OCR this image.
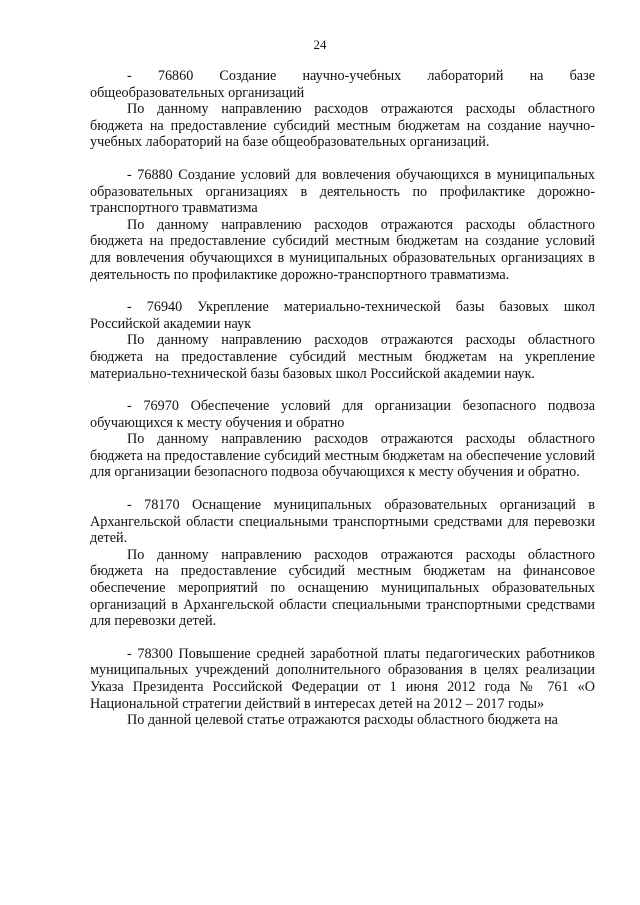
24

- 76860 Создание научно-учебных лабораторий на базе общеобразовательных организаций

По данному направлению расходов отражаются расходы областного бюджета на предоставление субсидий местным бюджетам на создание научно-учебных лабораторий на базе общеобразовательных организаций.

- 76880 Создание условий для вовлечения обучающихся в муниципальных образовательных организациях в деятельность по профилактике дорожно-транспортного травматизма

По данному направлению расходов отражаются расходы областного бюджета на предоставление субсидий местным бюджетам на создание условий для вовлечения обучающихся в муниципальных образовательных организациях в деятельность по профилактике дорожно-транспортного травматизма.

- 76940 Укрепление материально-технической базы базовых школ Российской академии наук

По данному направлению расходов отражаются расходы областного бюджета на предоставление субсидий местным бюджетам на укрепление материально-технической базы базовых школ Российской академии наук.

- 76970 Обеспечение условий для организации безопасного подвоза обучающихся к месту обучения и обратно

По данному направлению расходов отражаются расходы областного бюджета на предоставление субсидий местным бюджетам на обеспечение условий для организации безопасного подвоза обучающихся к месту обучения и обратно.

- 78170 Оснащение муниципальных образовательных организаций в Архангельской области специальными транспортными средствами для перевозки детей.

По данному направлению расходов отражаются расходы областного бюджета на предоставление субсидий местным бюджетам на финансовое обеспечение мероприятий по оснащению муниципальных образовательных организаций в Архангельской области специальными транспортными средствами для перевозки детей.

- 78300 Повышение средней заработной платы педагогических работников муниципальных учреждений дополнительного образования в целях реализации Указа Президента Российской Федерации от 1 июня 2012 года № 761 «О Национальной стратегии действий в интересах детей на 2012 – 2017 годы»

По данной целевой статье отражаются расходы областного бюджета на
